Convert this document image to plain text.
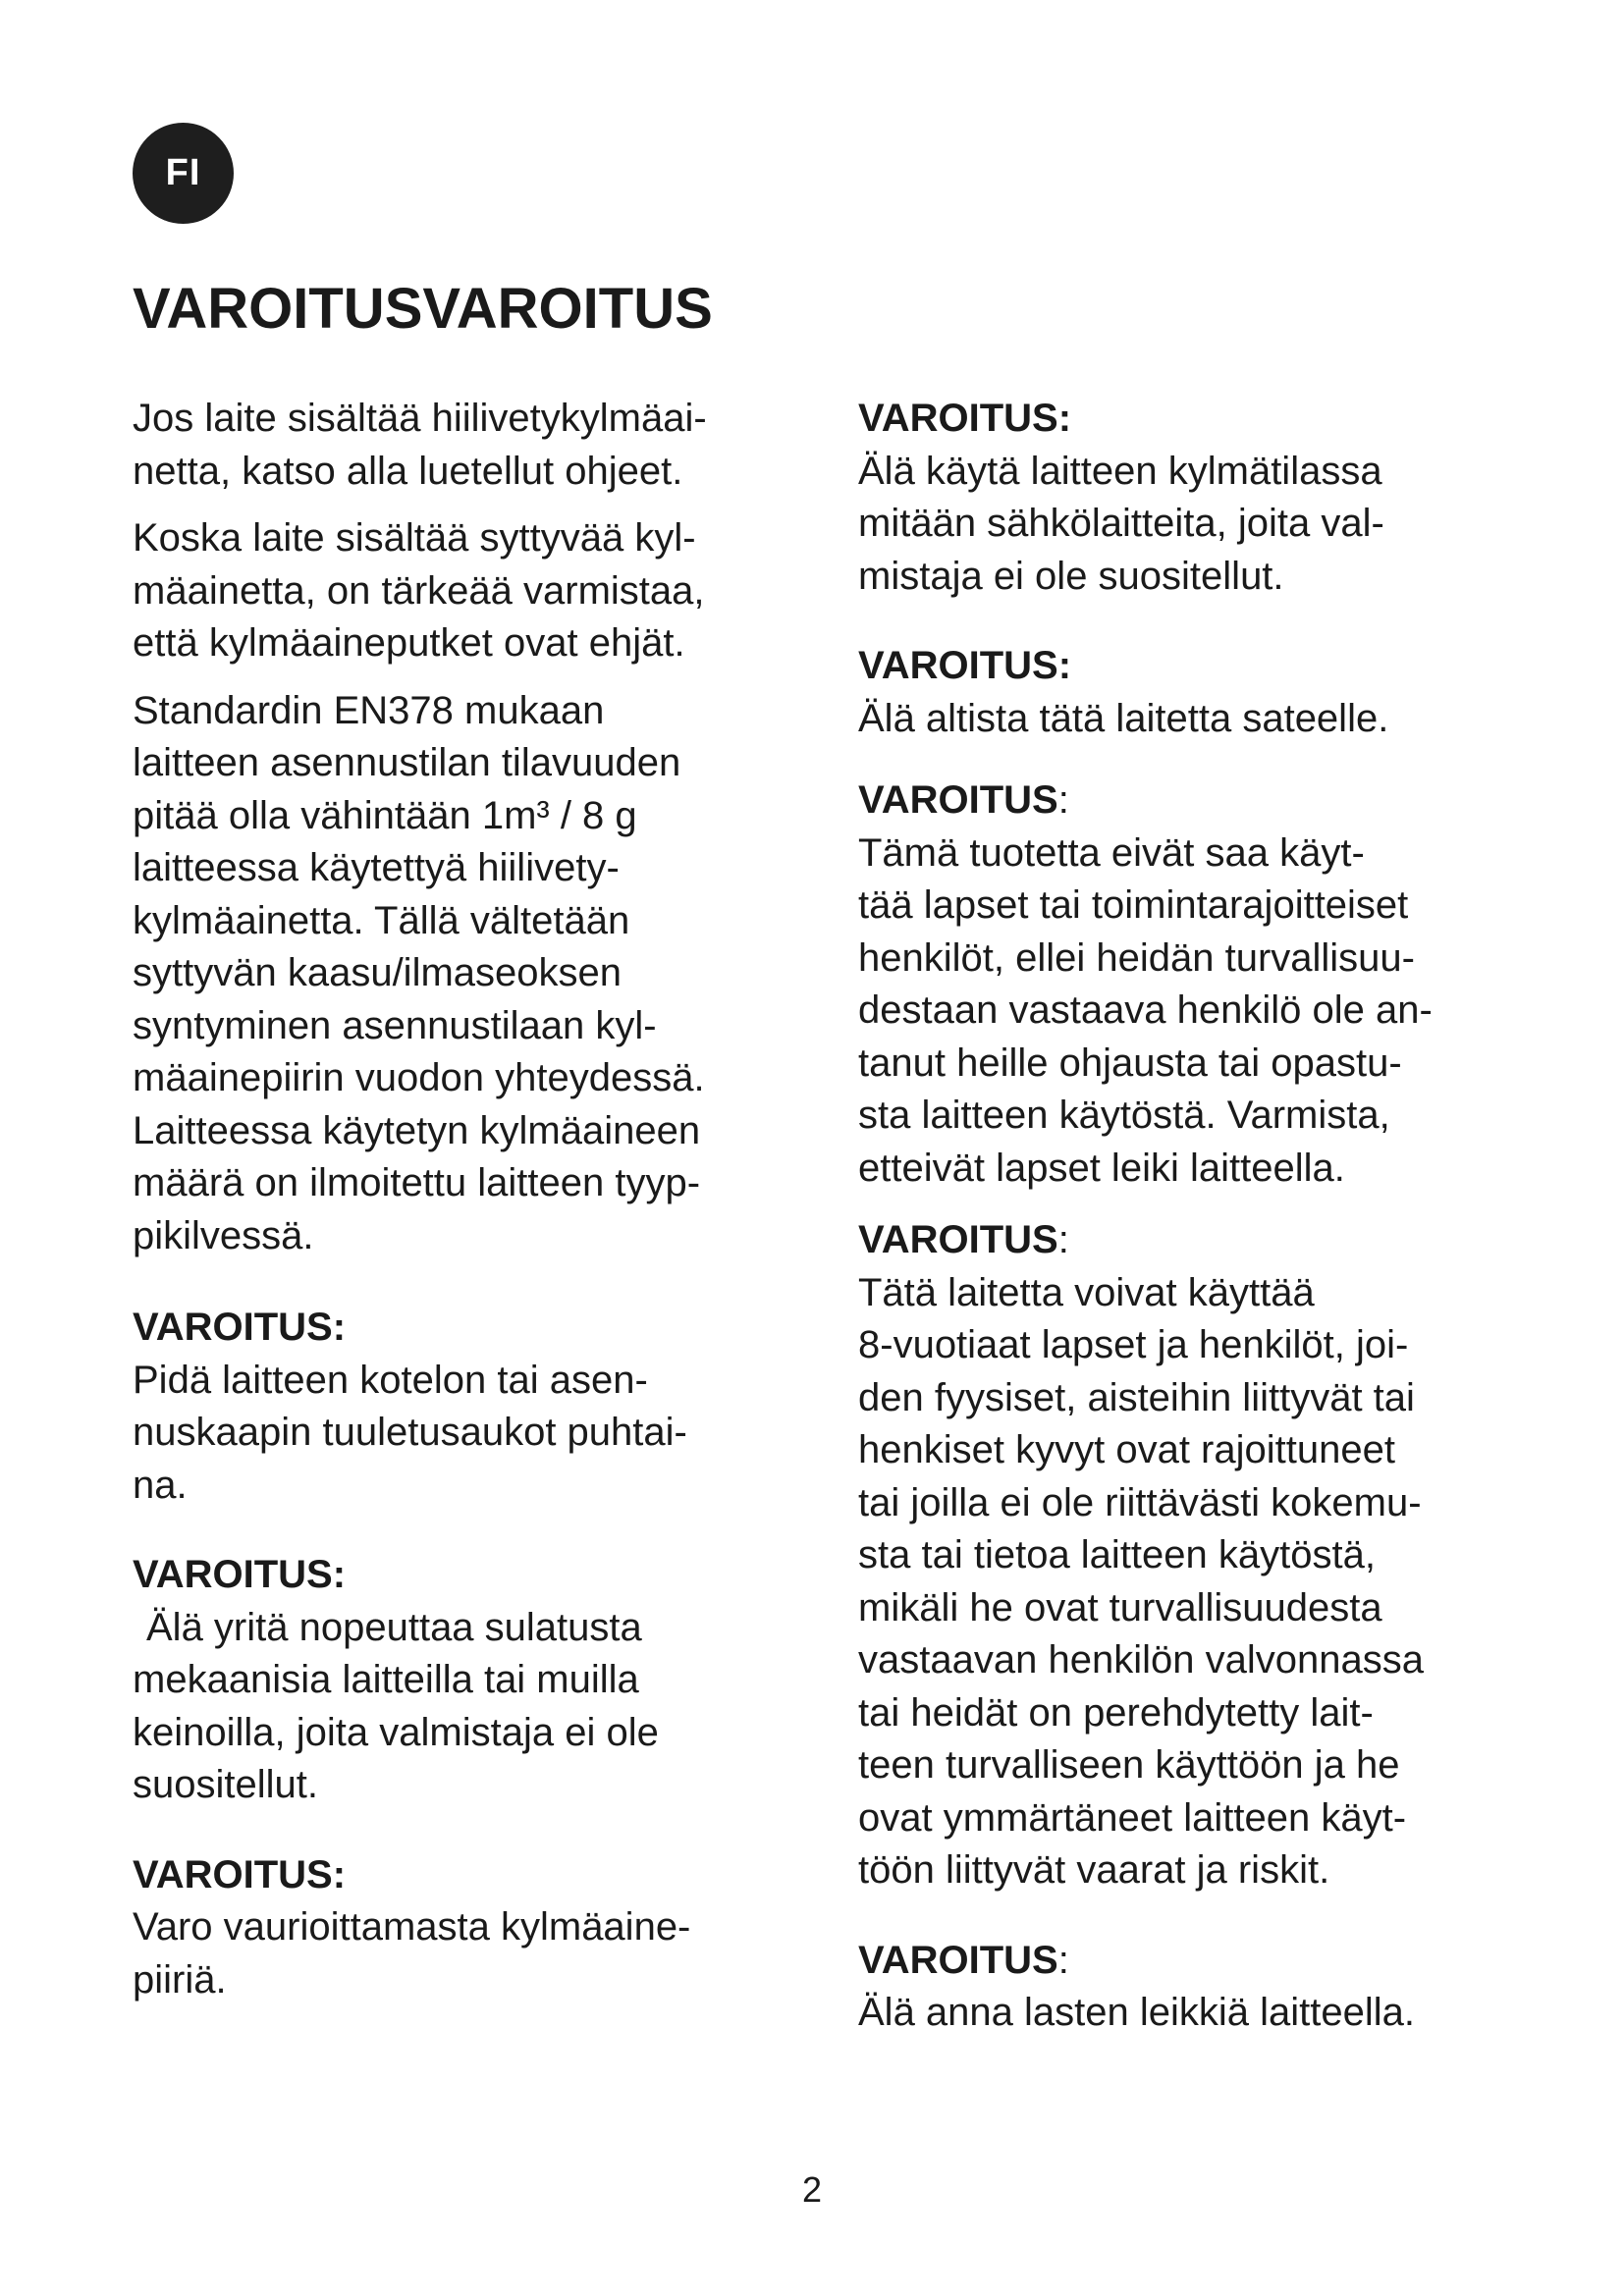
FI
VAROITUSVAROITUS

Jos laite sisältää hiilivetykylmäai-
netta, katso alla luetellut ohjeet.

Koska laite sisältää syttyvää kyl-
mäainetta, on tärkeää varmistaa,
että kylmäaineputket ovat ehjät.

Standardin EN378 mukaan
laitteen asennustilan tilavuuden
pitää olla vähintään 1m³ / 8 g
laitteessa käytettyä hiilivety-
kylmäainetta. Tällä vältetään
syttyvän kaasu/ilmaseoksen
syntyminen asennustilaan kyl-
mäainepiirin vuodon yhteydessä.
Laitteessa käytetyn kylmäaineen
määrä on ilmoitettu laitteen tyyp-
pikilvessä.

VAROITUS:
Pidä laitteen kotelon tai asen-
nuskaapin tuuletusaukot puhtai-
na.
VAROITUS:
Älä yritä nopeuttaa sulatusta
mekaanisia laitteilla tai muilla
keinoilla, joita valmistaja ei ole
suositellut.
VAROITUS:
Varo vaurioittamasta kylmäaine-
piiriä.
VAROITUS:
Älä käytä laitteen kylmätilassa
mitään sähkölaitteita, joita val-
mistaja ei ole suositellut.
VAROITUS:
Älä altista tätä laitetta sateelle.
VAROITUS:
Tämä tuotetta eivät saa käyt-
tää lapset tai toimintarajoitteiset
henkilöt, ellei heidän turvallisuu-
destaan vastaava henkilö ole an-
tanut heille ohjausta tai opastu-
sta laitteen käytöstä. Varmista,
etteivät lapset leiki laitteella.
VAROITUS:
Tätä laitetta voivat käyttää
8-vuotiaat lapset ja henkilöt, joi-
den fyysiset, aisteihin liittyvät tai
henkiset kyvyt ovat rajoittuneet
tai joilla ei ole riittävästi kokemu-
sta tai tietoa laitteen käytöstä,
mikäli he ovat turvallisuudesta
vastaavan henkilön valvonnassa
tai heidät on perehdytetty lait-
teen turvalliseen käyttöön ja he
ovat ymmärtäneet laitteen käyt-
töön liittyvät vaarat ja riskit.
VAROITUS:
Älä anna lasten leikkiä laitteella.
2
